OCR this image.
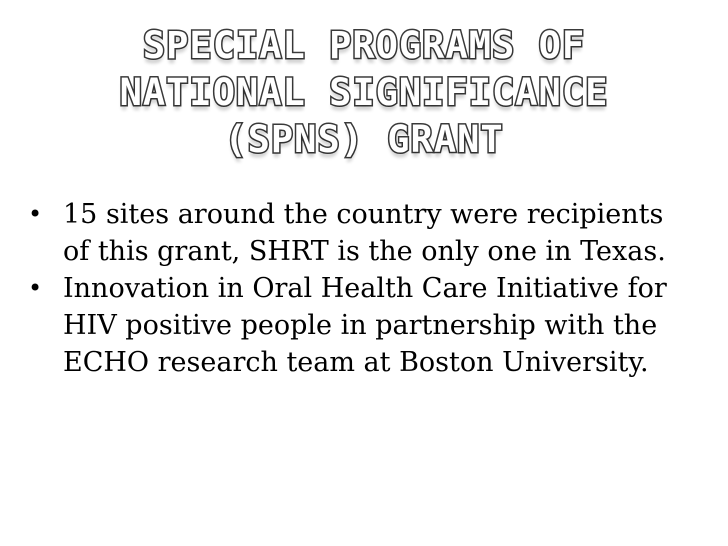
SPECIAL PROGRAMS OF
NATIONAL SIGNIFICANCE
(SPNS) GRANT
• 15 sites around the country were recipients of this grant, SHRT is the only one in Texas.
• Innovation in Oral Health Care Initiative for HIV positive people in partnership with the ECHO research team at Boston University.
